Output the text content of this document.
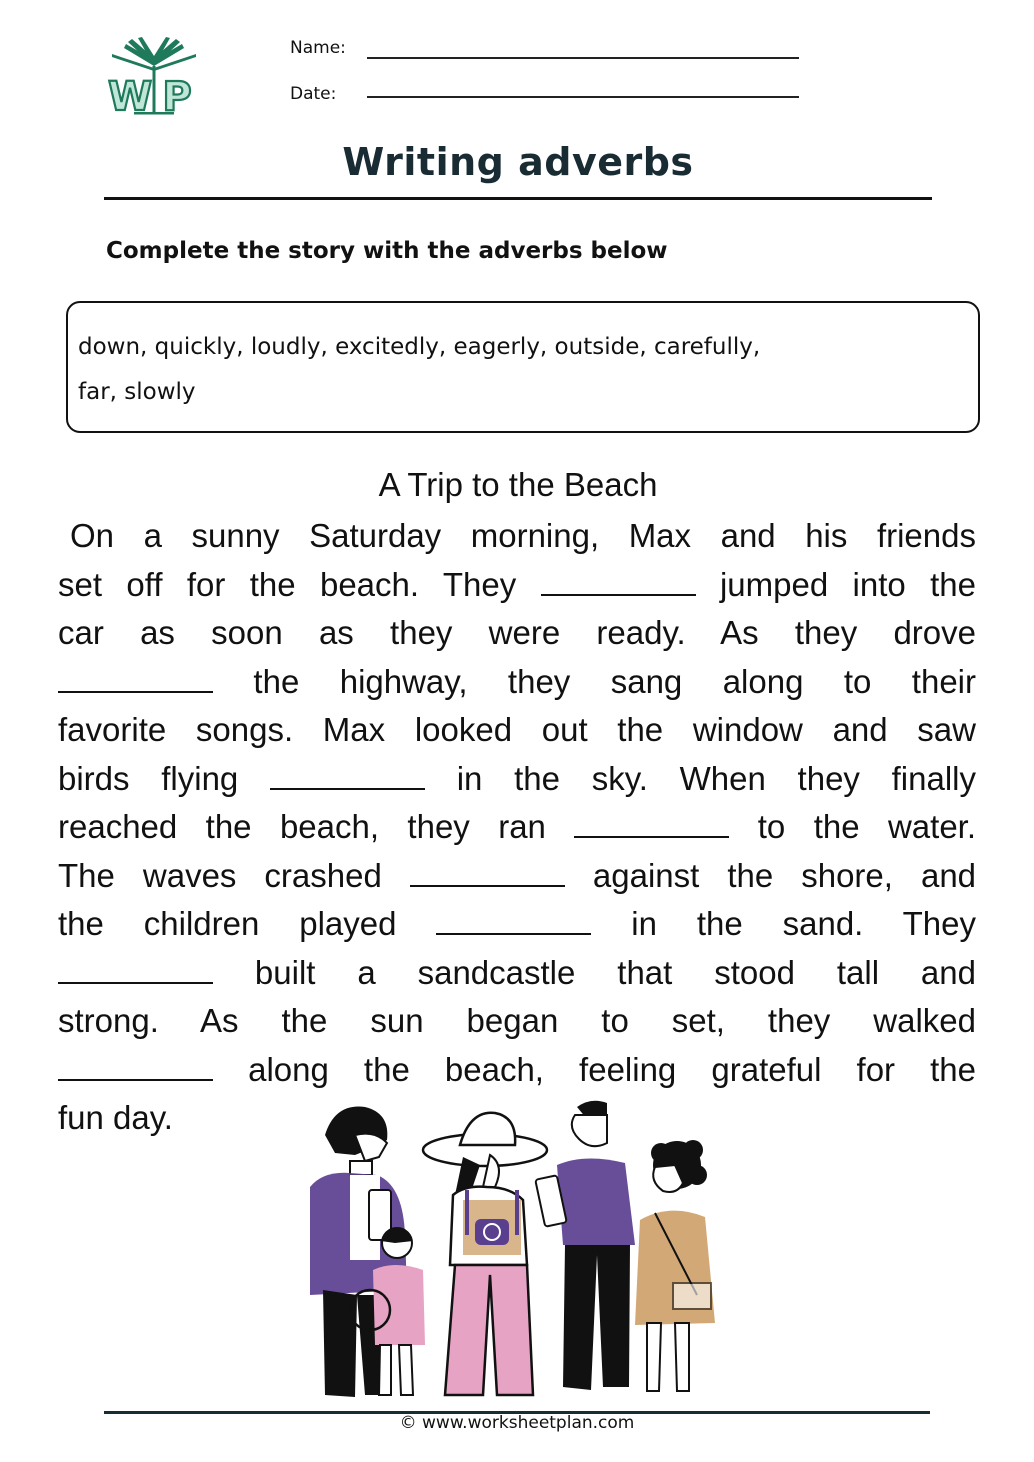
W P
Name:
Date:
Writing adverbs
Complete the story with the adverbs below
down, quickly, loudly, excitedly, eagerly, outside, carefully,
far, slowly
A Trip to the Beach
On a sunny Saturday morning, Max and his friends
set off for the beach. They	jumped into the
car as soon as they were ready. As they drove
the highway, they sang along to their
favorite songs. Max looked out the window and saw
birds flying	in the sky. When they finally
reached the beach, they ran	to the water.
The waves crashed	against the shore, and
the children played	in the sand. They
built a sandcastle that stood tall and
strong. As the sun began to set, they walked
along the beach, feeling grateful for the
fun day.
© www.worksheetplan.com
